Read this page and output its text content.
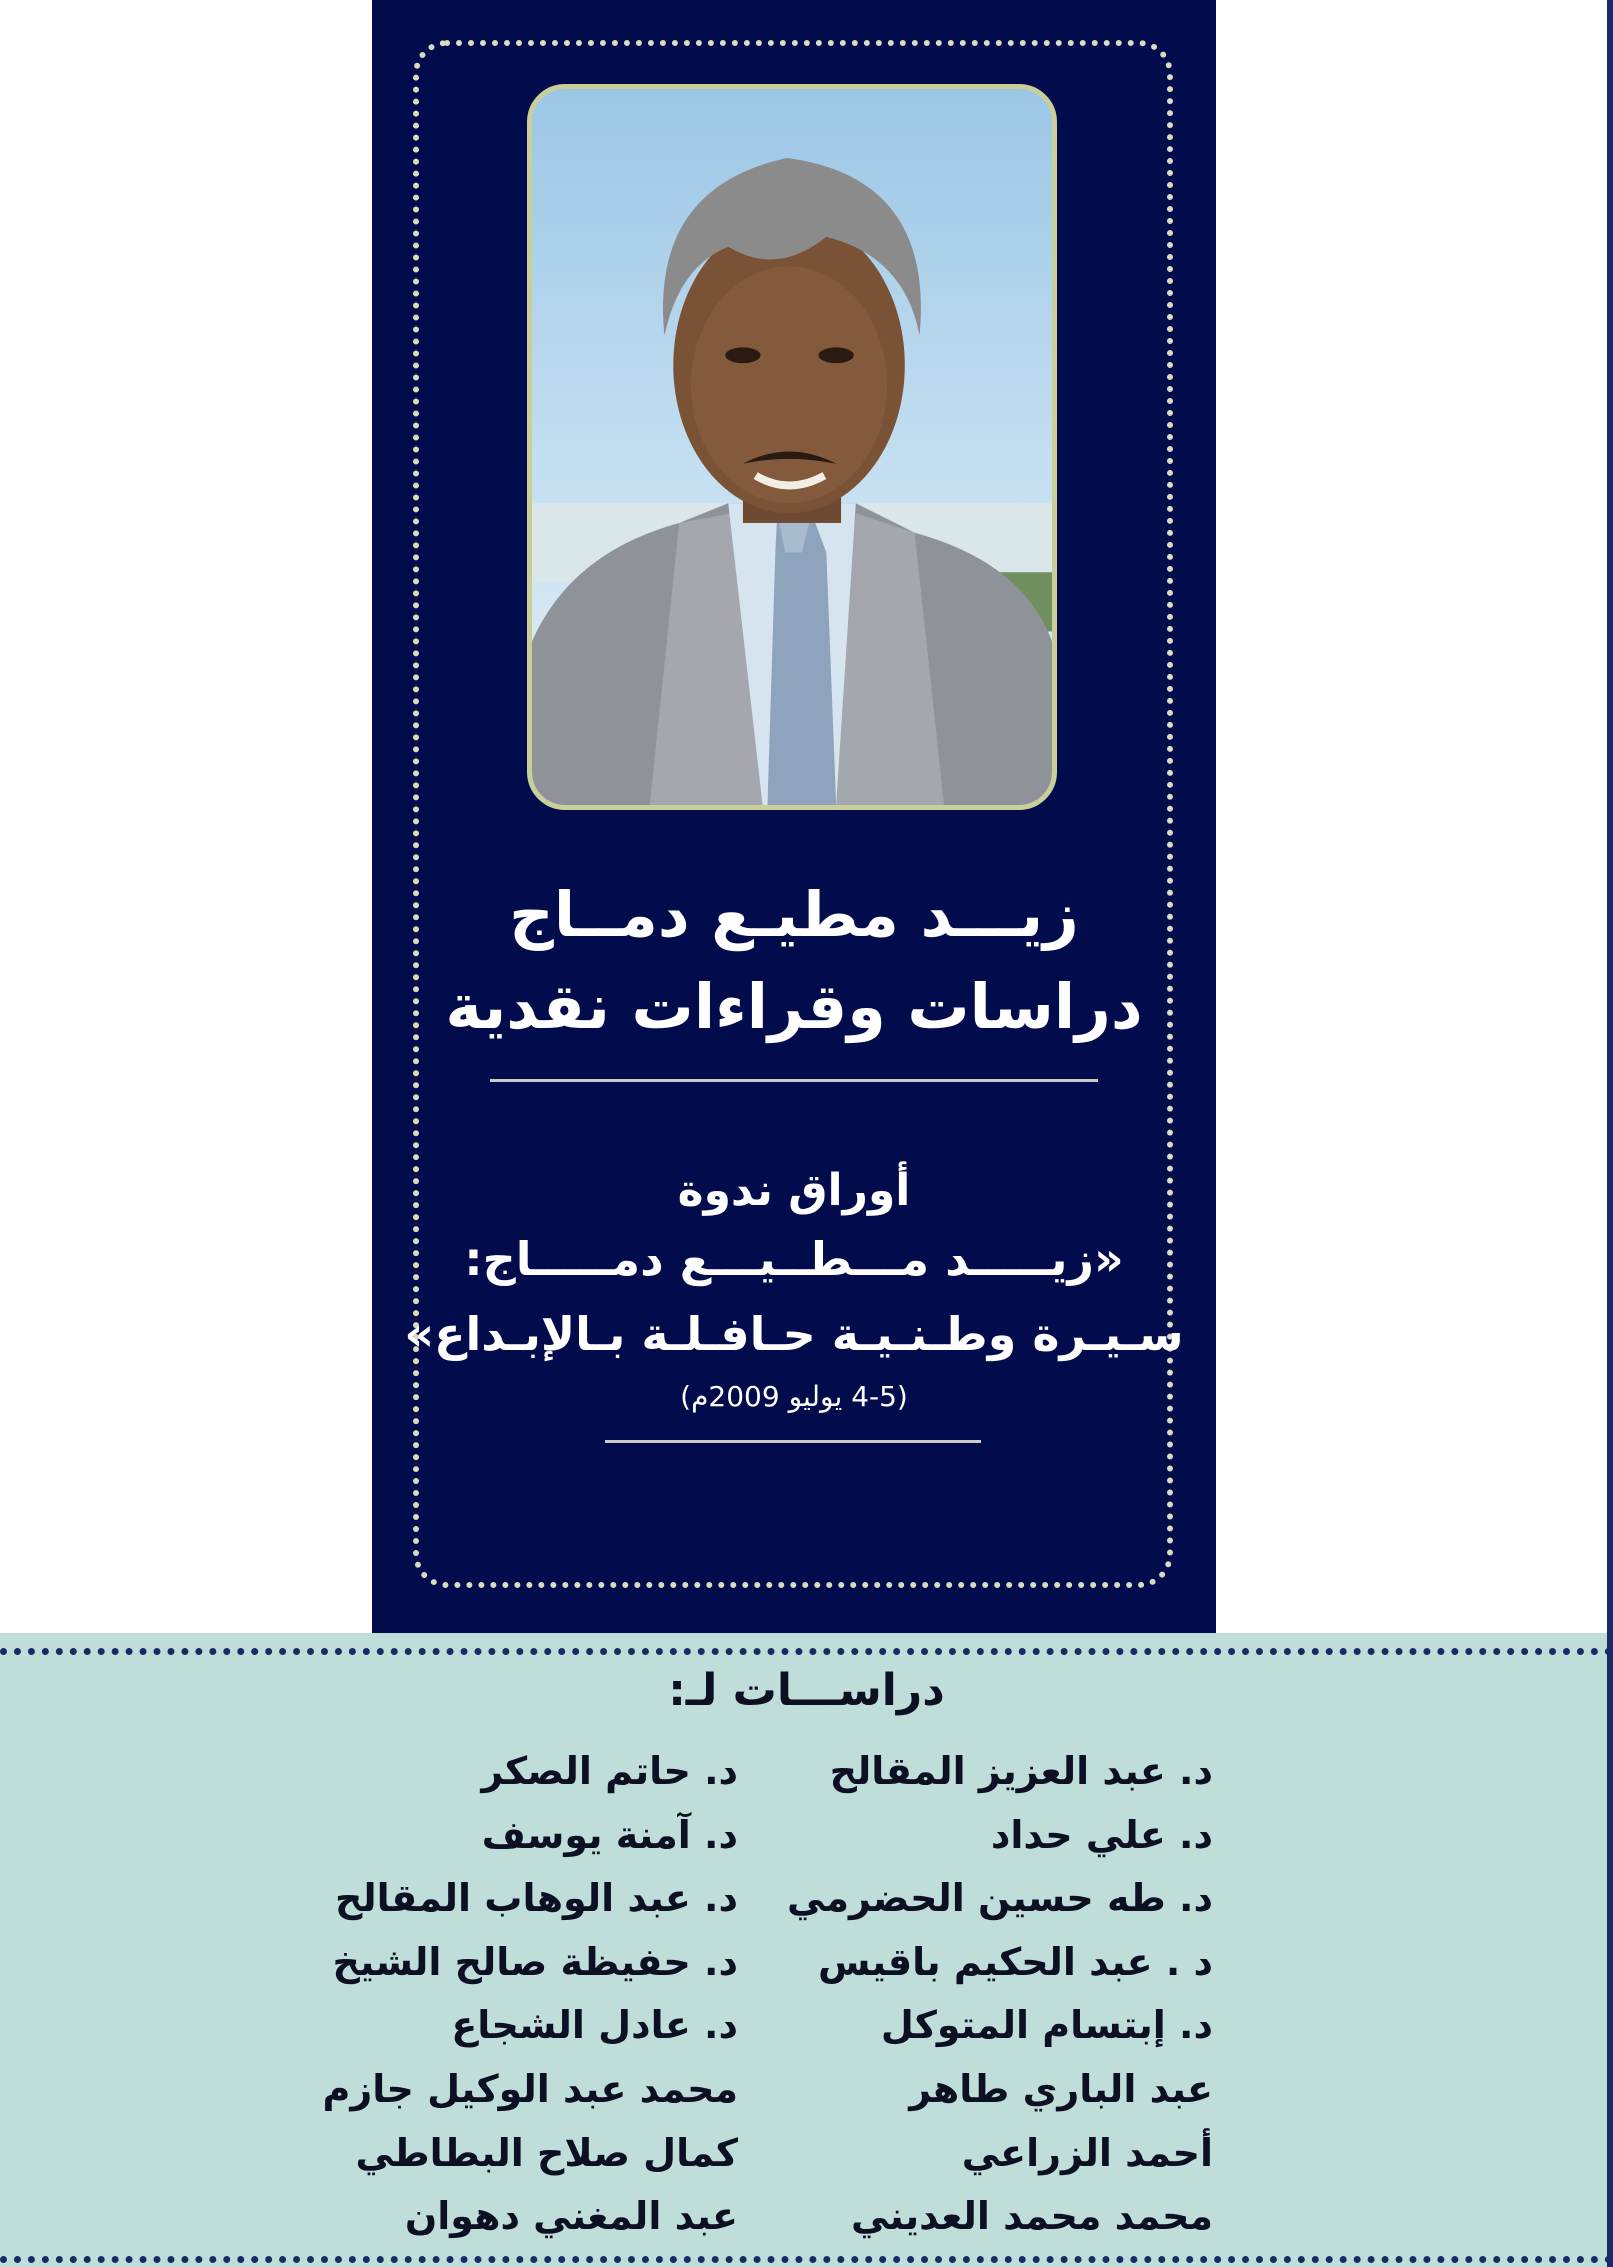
زيـــد مطيـع دمــاج
دراسات وقراءات نقدية
أوراق ندوة
«زيـــــد مـــطــيـــع دمـــــاج:
سـيـرة وطـنـيـة حـافـلـة بـالإبـداع»
(4-5 يوليو 2009م)
دراســـات لـ:
د. عبد العزيز المقالح
د. علي حداد
د. طه حسين الحضرمي
د . عبد الحكيم باقيس
د. إبتسام المتوكل
عبد الباري طاهر
أحمد الزراعي
محمد محمد العديني
د. حاتم الصكر
د. آمنة يوسف
د. عبد الوهاب المقالح
د. حفيظة صالح الشيخ
د. عادل الشجاع
محمد عبد الوكيل جازم
كمال صلاح البطاطي
عبد المغني دهوان
